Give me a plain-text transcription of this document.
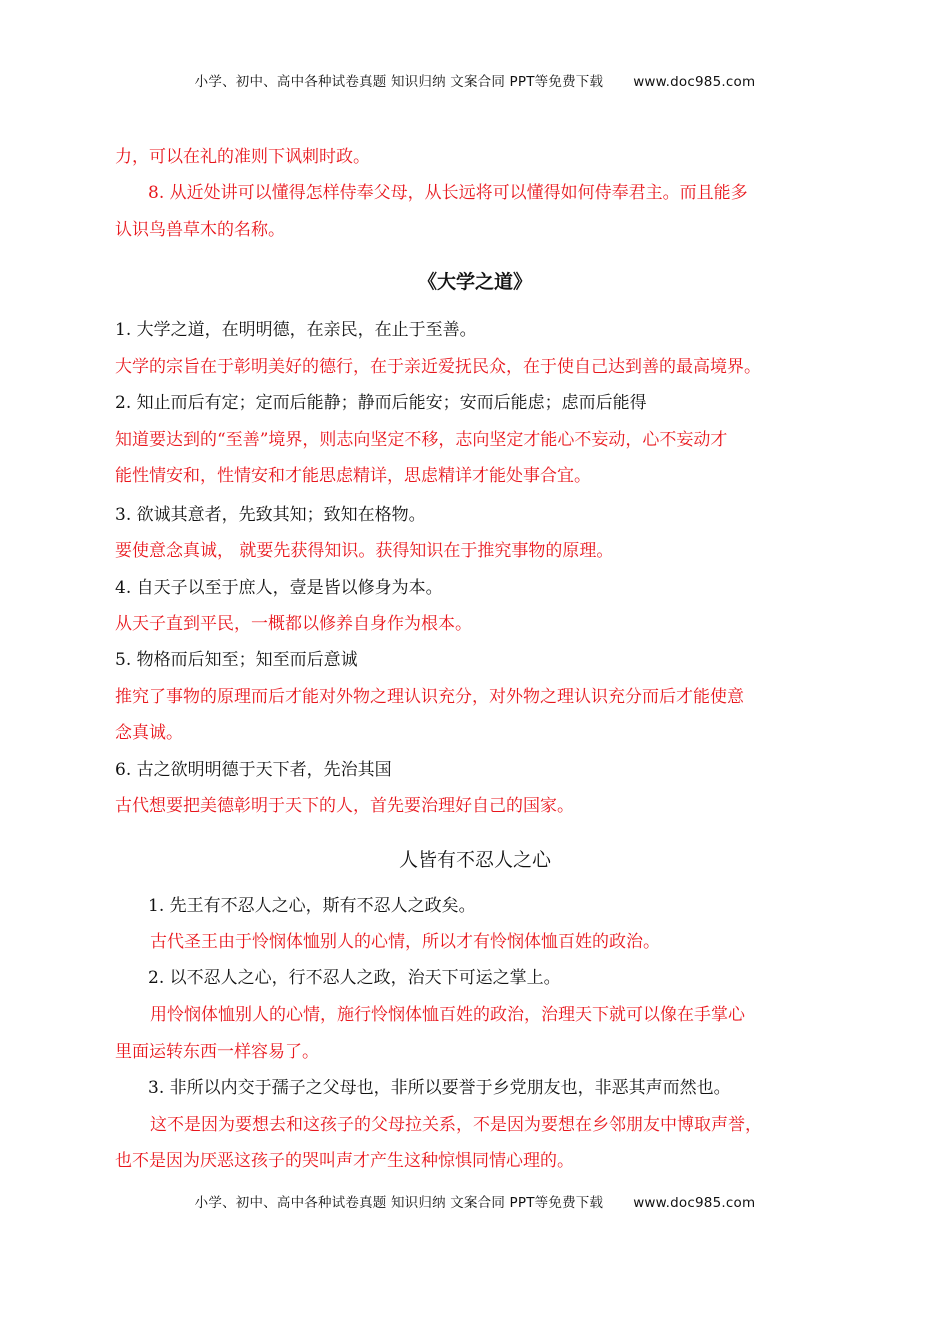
小学、初中、高中各种试卷真题 知识归纳 文案合同 PPT等免费下载 www.doc985.com
力，可以在礼的准则下讽刺时政。
8. 从近处讲可以懂得怎样侍奉父母，从长远将可以懂得如何侍奉君主。而且能多
认识鸟兽草木的名称。
《大学之道》
1. 大学之道，在明明德，在亲民，在止于至善。
大学的宗旨在于彰明美好的德行，在于亲近爱抚民众，在于使自己达到善的最高境界。
2. 知止而后有定；定而后能静；静而后能安；安而后能虑；虑而后能得
知道要达到的“至善”境界，则志向坚定不移，志向坚定才能心不妄动，心不妄动才
能性情安和，性情安和才能思虑精详，思虑精详才能处事合宜。
3. 欲诚其意者，先致其知；致知在格物。
要使意念真诚， 就要先获得知识。获得知识在于推究事物的原理。
4. 自天子以至于庶人，壹是皆以修身为本。
从天子直到平民，一概都以修养自身作为根本。
5. 物格而后知至；知至而后意诚
推究了事物的原理而后才能对外物之理认识充分，对外物之理认识充分而后才能使意
念真诚。
6. 古之欲明明德于天下者，先治其国
古代想要把美德彰明于天下的人，首先要治理好自己的国家。
人皆有不忍人之心
1. 先王有不忍人之心，斯有不忍人之政矣。
古代圣王由于怜悯体恤别人的心情，所以才有怜悯体恤百姓的政治。
2. 以不忍人之心，行不忍人之政，治天下可运之掌上。
用怜悯体恤别人的心情，施行怜悯体恤百姓的政治，治理天下就可以像在手掌心
里面运转东西一样容易了。
3. 非所以内交于孺子之父母也，非所以要誉于乡党朋友也，非恶其声而然也。
这不是因为要想去和这孩子的父母拉关系，不是因为要想在乡邻朋友中博取声誉，
也不是因为厌恶这孩子的哭叫声才产生这种惊惧同情心理的。
小学、初中、高中各种试卷真题 知识归纳 文案合同 PPT等免费下载 www.doc985.com
